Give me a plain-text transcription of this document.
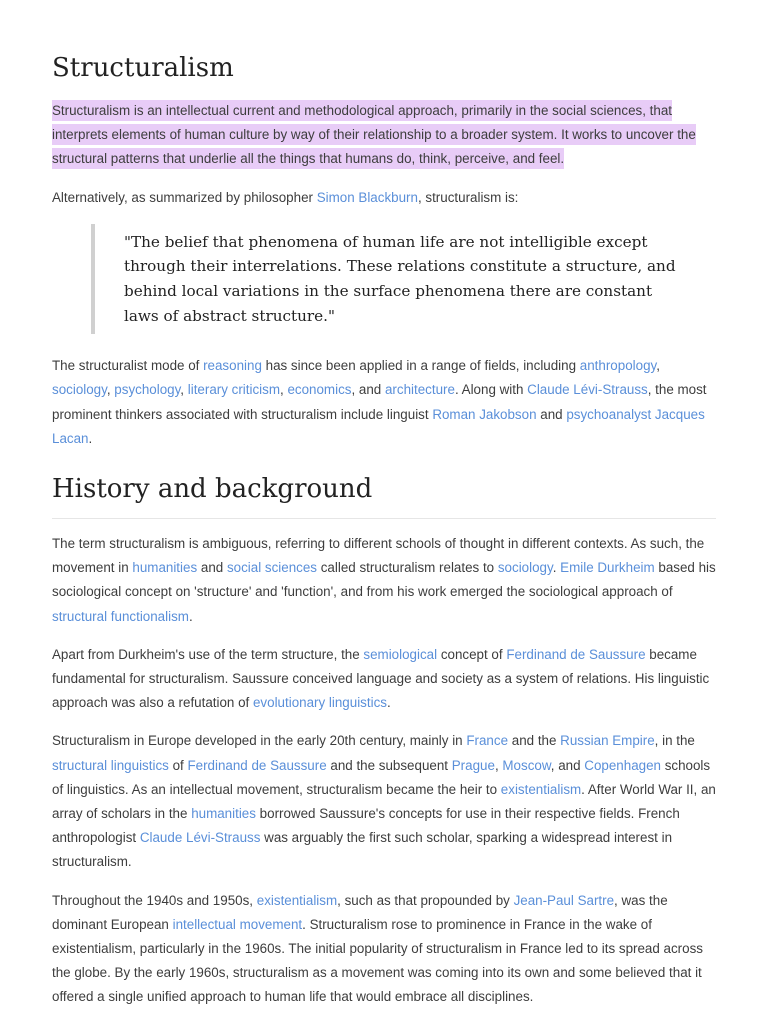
Structuralism

Structuralism is an intellectual current and methodological approach, primarily in the social sciences, that interprets elements of human culture by way of their relationship to a broader system. It works to uncover the structural patterns that underlie all the things that humans do, think, perceive, and feel.

Alternatively, as summarized by philosopher Simon Blackburn, structuralism is:

"The belief that phenomena of human life are not intelligible except through their interrelations. These relations constitute a structure, and behind local variations in the surface phenomena there are constant laws of abstract structure."

The structuralist mode of reasoning has since been applied in a range of fields, including anthropology, sociology, psychology, literary criticism, economics, and architecture. Along with Claude Lévi-Strauss, the most prominent thinkers associated with structuralism include linguist Roman Jakobson and psychoanalyst Jacques Lacan.

History and background

The term structuralism is ambiguous, referring to different schools of thought in different contexts. As such, the movement in humanities and social sciences called structuralism relates to sociology. Emile Durkheim based his sociological concept on 'structure' and 'function', and from his work emerged the sociological approach of structural functionalism.

Apart from Durkheim's use of the term structure, the semiological concept of Ferdinand de Saussure became fundamental for structuralism. Saussure conceived language and society as a system of relations. His linguistic approach was also a refutation of evolutionary linguistics.

Structuralism in Europe developed in the early 20th century, mainly in France and the Russian Empire, in the structural linguistics of Ferdinand de Saussure and the subsequent Prague, Moscow, and Copenhagen schools of linguistics. As an intellectual movement, structuralism became the heir to existentialism. After World War II, an array of scholars in the humanities borrowed Saussure's concepts for use in their respective fields. French anthropologist Claude Lévi-Strauss was arguably the first such scholar, sparking a widespread interest in structuralism.

Throughout the 1940s and 1950s, existentialism, such as that propounded by Jean-Paul Sartre, was the dominant European intellectual movement. Structuralism rose to prominence in France in the wake of existentialism, particularly in the 1960s. The initial popularity of structuralism in France led to its spread across the globe. By the early 1960s, structuralism as a movement was coming into its own and some believed that it offered a single unified approach to human life that would embrace all disciplines.
